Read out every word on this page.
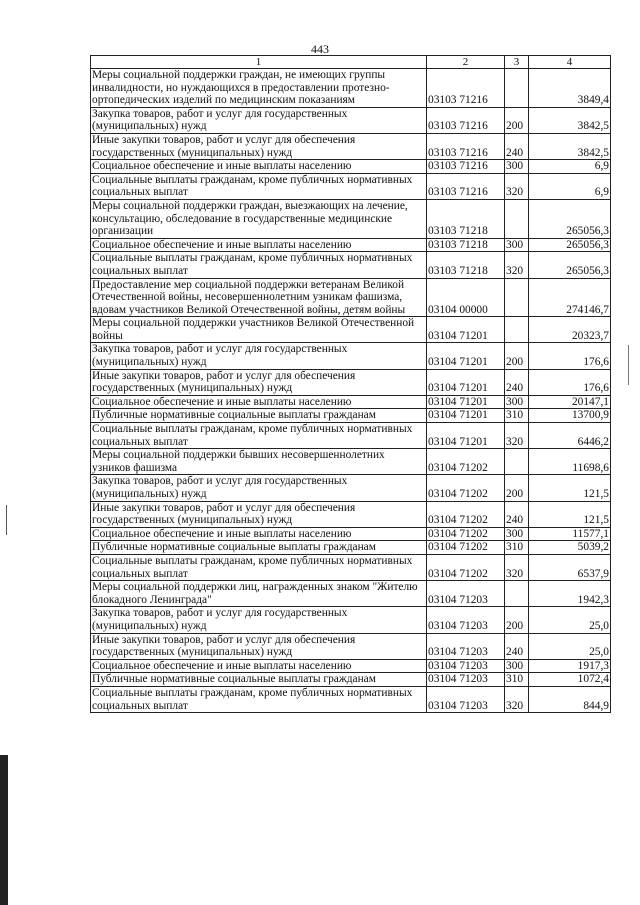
443
1	2	3	4
Меры социальной поддержки граждан, не имеющих группы инвалидности, но нуждающихся в предоставлении протезно-ортопедических изделий по медицинским показаниям	03103 71216		3849,4
Закупка товаров, работ и услуг для государственных (муниципальных) нужд	03103 71216	200	3842,5
Иные закупки товаров, работ и услуг для обеспечения государственных (муниципальных) нужд	03103 71216	240	3842,5
Социальное обеспечение и иные выплаты населению	03103 71216	300	6,9
Социальные выплаты гражданам, кроме публичных нормативных социальных выплат	03103 71216	320	6,9
Меры социальной поддержки граждан, выезжающих на лечение, консультацию, обследование в государственные медицинские организации	03103 71218		265056,3
Социальное обеспечение и иные выплаты населению	03103 71218	300	265056,3
Социальные выплаты гражданам, кроме публичных нормативных социальных выплат	03103 71218	320	265056,3
Предоставление мер социальной поддержки ветеранам Великой Отечественной войны, несовершеннолетним узникам фашизма, вдовам участников Великой Отечественной войны, детям войны	03104 00000		274146,7
Меры социальной поддержки участников Великой Отечественной войны	03104 71201		20323,7
Закупка товаров, работ и услуг для государственных (муниципальных) нужд	03104 71201	200	176,6
Иные закупки товаров, работ и услуг для обеспечения государственных (муниципальных) нужд	03104 71201	240	176,6
Социальное обеспечение и иные выплаты населению	03104 71201	300	20147,1
Публичные нормативные социальные выплаты гражданам	03104 71201	310	13700,9
Социальные выплаты гражданам, кроме публичных нормативных социальных выплат	03104 71201	320	6446,2
Меры социальной поддержки бывших несовершеннолетних узников фашизма	03104 71202		11698,6
Закупка товаров, работ и услуг для государственных (муниципальных) нужд	03104 71202	200	121,5
Иные закупки товаров, работ и услуг для обеспечения государственных (муниципальных) нужд	03104 71202	240	121,5
Социальное обеспечение и иные выплаты населению	03104 71202	300	11577,1
Публичные нормативные социальные выплаты гражданам	03104 71202	310	5039,2
Социальные выплаты гражданам, кроме публичных нормативных социальных выплат	03104 71202	320	6537,9
Меры социальной поддержки лиц, награжденных знаком "Жителю блокадного Ленинграда"	03104 71203		1942,3
Закупка товаров, работ и услуг для государственных (муниципальных) нужд	03104 71203	200	25,0
Иные закупки товаров, работ и услуг для обеспечения государственных (муниципальных) нужд	03104 71203	240	25,0
Социальное обеспечение и иные выплаты населению	03104 71203	300	1917,3
Публичные нормативные социальные выплаты гражданам	03104 71203	310	1072,4
Социальные выплаты гражданам, кроме публичных нормативных социальных выплат	03104 71203	320	844,9
